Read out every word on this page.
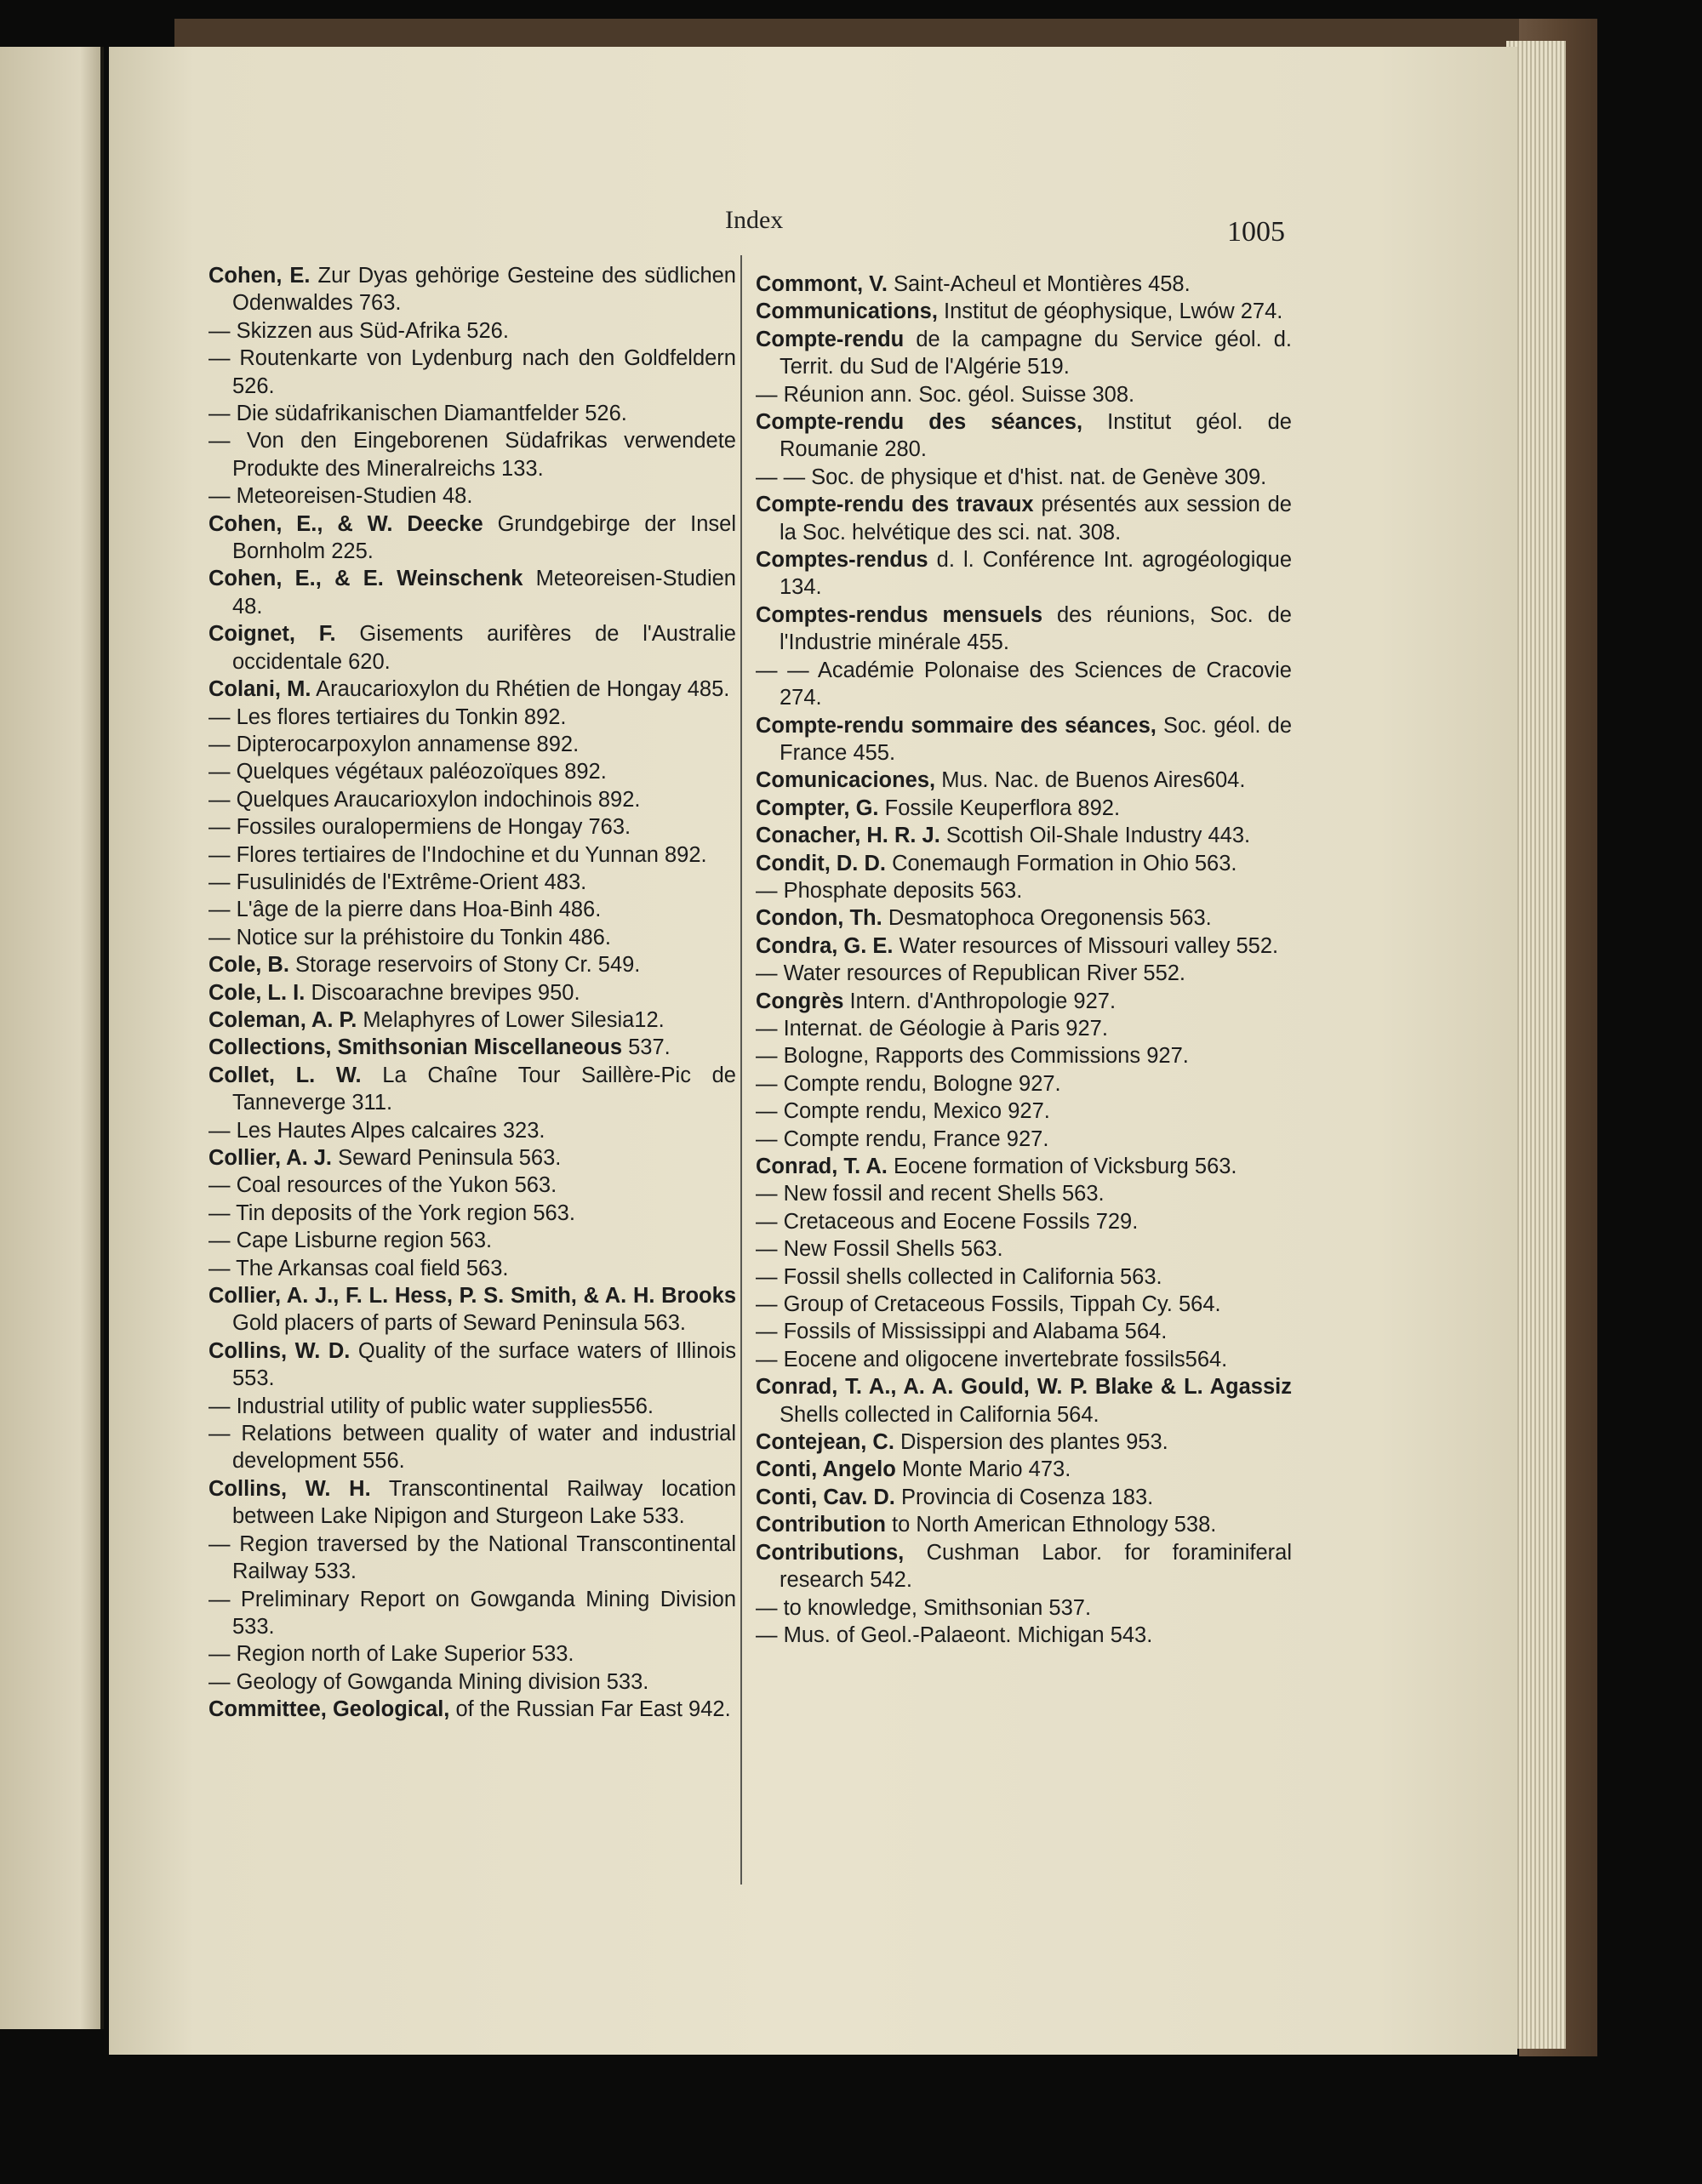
Index	1005

Cohen, E. Zur Dyas gehörige Gesteine des südlichen Odenwaldes 763.

— Skizzen aus Süd-Afrika 526.

— Routenkarte von Lydenburg nach den Goldfeldern 526.

— Die südafrikanischen Diamantfelder 526.

— Von den Eingeborenen Südafrikas verwendete Produkte des Mineralreichs 133.

— Meteoreisen-Studien 48.

Cohen, E., & W. Deecke Grundgebirge der Insel Bornholm 225.

Cohen, E., & E. Weinschenk Meteoreisen-Studien 48.

Coignet, F. Gisements aurifères de l'Australie occidentale 620.

Colani, M. Araucarioxylon du Rhétien de Hongay 485.

— Les flores tertiaires du Tonkin 892.

— Dipterocarpoxylon annamense 892.

— Quelques végétaux paléozoïques 892.

— Quelques Araucarioxylon indochinois 892.

— Fossiles ouralopermiens de Hongay 763.

— Flores tertiaires de l'Indochine et du Yunnan 892.

— Fusulinidés de l'Extrême-Orient 483.

— L'âge de la pierre dans Hoa-Binh 486.

— Notice sur la préhistoire du Tonkin 486.

Cole, B. Storage reservoirs of Stony Cr. 549.

Cole, L. I. Discoarachne brevipes 950.

Coleman, A. P. Melaphyres of Lower Silesia12.

Collections, Smithsonian Miscellaneous 537.

Collet, L. W. La Chaîne Tour Saillère-Pic de Tanneverge 311.

— Les Hautes Alpes calcaires 323.

Collier, A. J. Seward Peninsula 563.

— Coal resources of the Yukon 563.

— Tin deposits of the York region 563.

— Cape Lisburne region 563.

— The Arkansas coal field 563.

Collier, A. J., F. L. Hess, P. S. Smith, & A. H. Brooks Gold placers of parts of Seward Peninsula 563.

Collins, W. D. Quality of the surface waters of Illinois 553.

— Industrial utility of public water supplies556.

— Relations between quality of water and industrial development 556.

Collins, W. H. Transcontinental Railway location between Lake Nipigon and Sturgeon Lake 533.

— Region traversed by the National Transcontinental Railway 533.

— Preliminary Report on Gowganda Mining Division 533.

— Region north of Lake Superior 533.

— Geology of Gowganda Mining division 533.

Committee, Geological, of the Russian Far East 942.

Commont, V. Saint-Acheul et Montières 458.

Communications, Institut de géophysique, Lwów 274.

Compte-rendu de la campagne du Service géol. d. Territ. du Sud de l'Algérie 519.

— Réunion ann. Soc. géol. Suisse 308.

Compte-rendu des séances, Institut géol. de Roumanie 280.

— — Soc. de physique et d'hist. nat. de Genève 309.

Compte-rendu des travaux présentés aux session de la Soc. helvétique des sci. nat. 308.

Comptes-rendus d. l. Conférence Int. agrogéologique 134.

Comptes-rendus mensuels des réunions, Soc. de l'Industrie minérale 455.

— — Académie Polonaise des Sciences de Cracovie 274.

Compte-rendu sommaire des séances, Soc. géol. de France 455.

Comunicaciones, Mus. Nac. de Buenos Aires604.

Compter, G. Fossile Keuperflora 892.

Conacher, H. R. J. Scottish Oil-Shale Industry 443.

Condit, D. D. Conemaugh Formation in Ohio 563.

— Phosphate deposits 563.

Condon, Th. Desmatophoca Oregonensis 563.

Condra, G. E. Water resources of Missouri valley 552.

— Water resources of Republican River 552.

Congrès Intern. d'Anthropologie 927.

— Internat. de Géologie à Paris 927.

— Bologne, Rapports des Commissions 927.

— Compte rendu, Bologne 927.

— Compte rendu, Mexico 927.

— Compte rendu, France 927.

Conrad, T. A. Eocene formation of Vicksburg 563.

— New fossil and recent Shells 563.

— Cretaceous and Eocene Fossils 729.

— New Fossil Shells 563.

— Fossil shells collected in California 563.

— Group of Cretaceous Fossils, Tippah Cy. 564.

— Fossils of Mississippi and Alabama 564.

— Eocene and oligocene invertebrate fossils564.

Conrad, T. A., A. A. Gould, W. P. Blake & L. Agassiz Shells collected in California 564.

Contejean, C. Dispersion des plantes 953.

Conti, Angelo Monte Mario 473.

Conti, Cav. D. Provincia di Cosenza 183.

Contribution to North American Ethnology 538.

Contributions, Cushman Labor. for foraminiferal research 542.

— to knowledge, Smithsonian 537.

— Mus. of Geol.-Palaeont. Michigan 543.
